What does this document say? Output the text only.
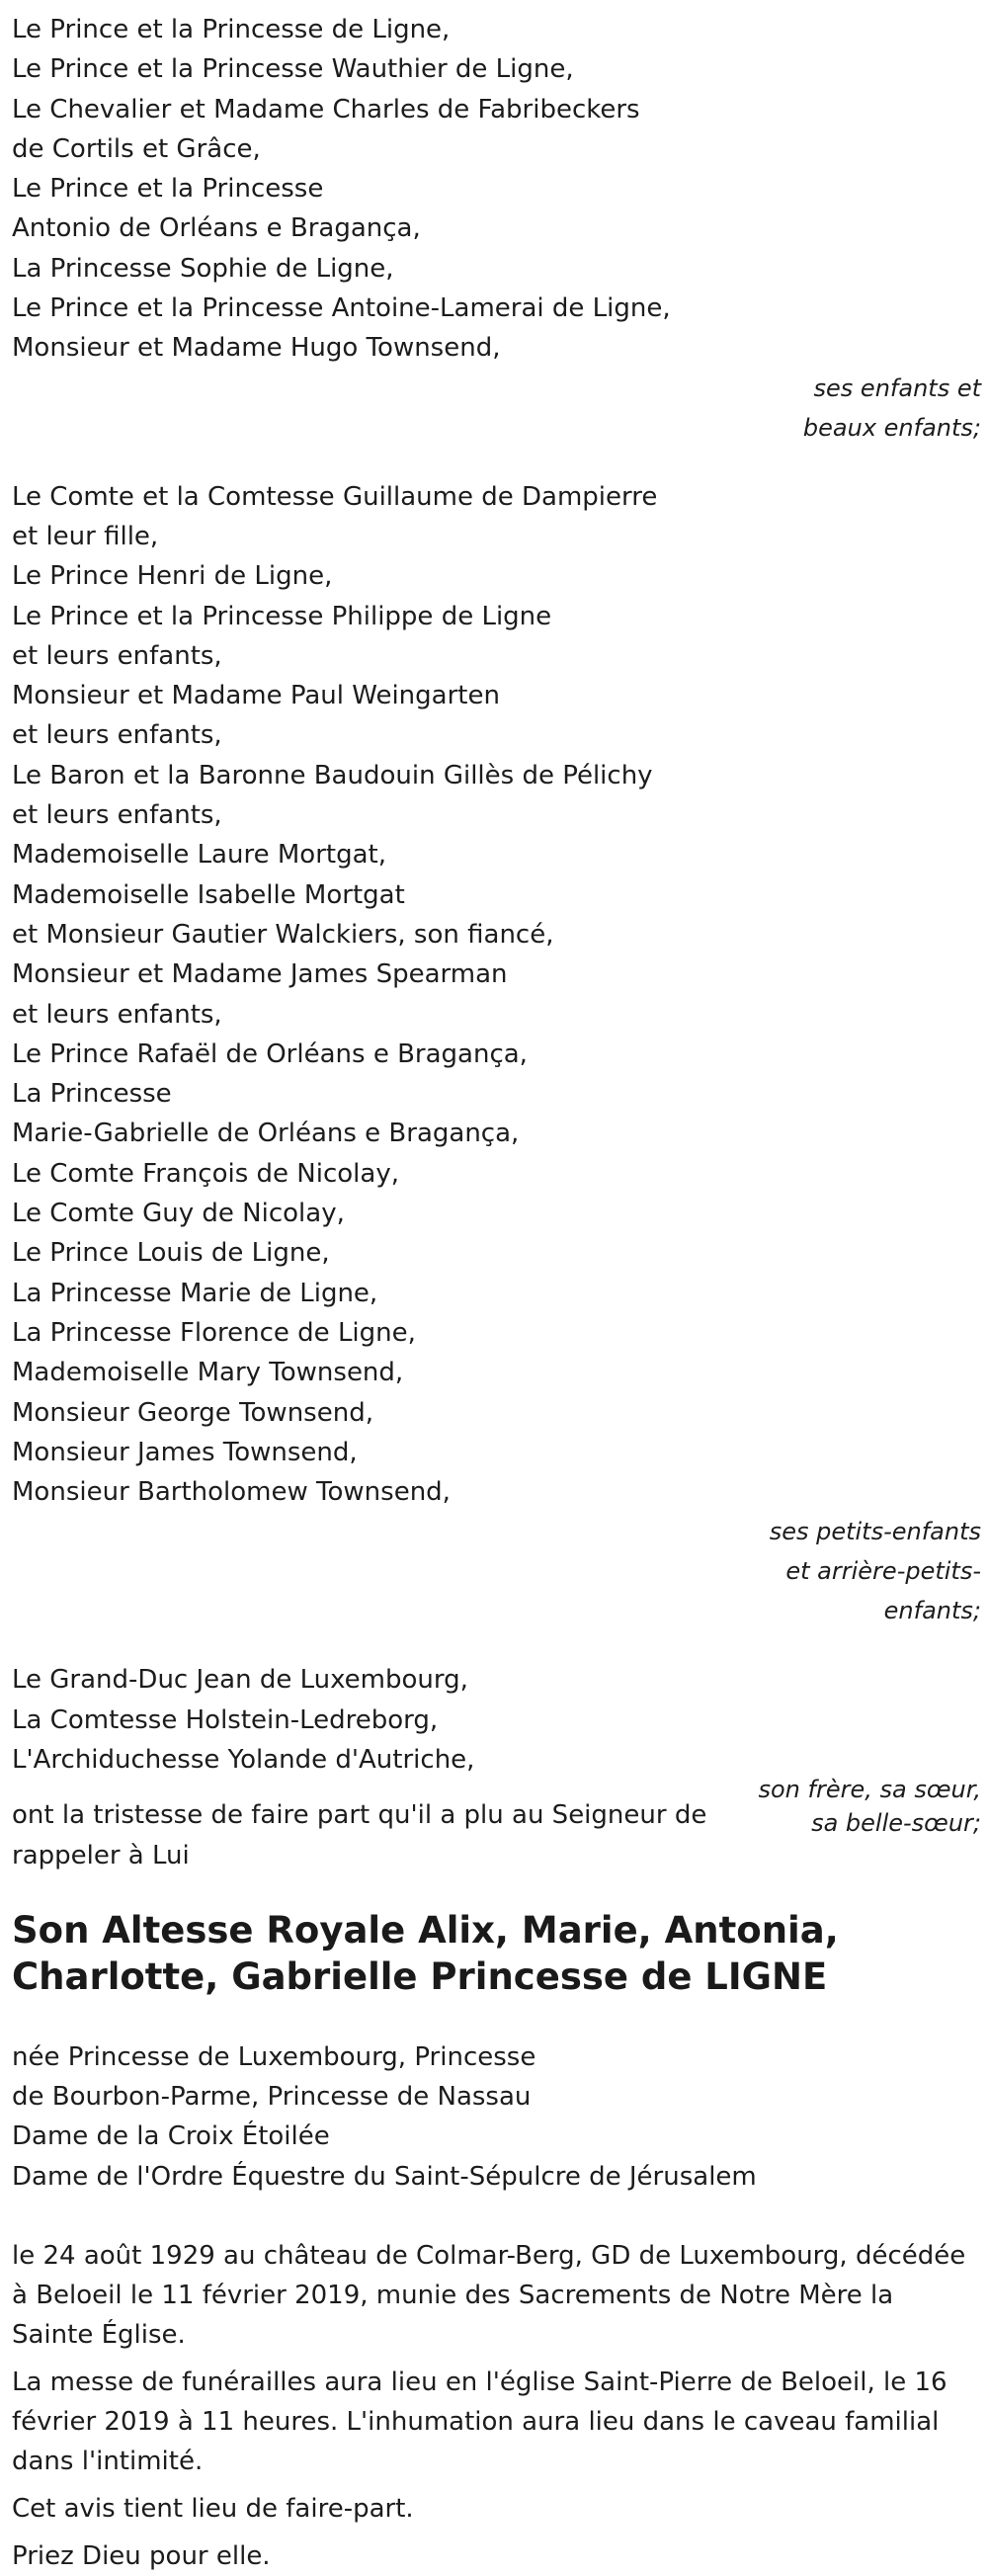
Le Prince et la Princesse de Ligne,
Le Prince et la Princesse Wauthier de Ligne,
Le Chevalier et Madame Charles de Fabribeckers
de Cortils et Grâce,
Le Prince et la Princesse
Antonio de Orléans e Bragança,
La Princesse Sophie de Ligne,
Le Prince et la Princesse Antoine-Lamerai de Ligne,
Monsieur et Madame Hugo Townsend,
ses enfants et
beaux enfants;
Le Comte et la Comtesse Guillaume de Dampierre
et leur fille,
Le Prince Henri de Ligne,
Le Prince et la Princesse Philippe de Ligne
et leurs enfants,
Monsieur et Madame Paul Weingarten
et leurs enfants,
Le Baron et la Baronne Baudouin Gillès de Pélichy
et leurs enfants,
Mademoiselle Laure Mortgat,
Mademoiselle Isabelle Mortgat
et Monsieur Gautier Walckiers, son fiancé,
Monsieur et Madame James Spearman
et leurs enfants,
Le Prince Rafaël de Orléans e Bragança,
La Princesse
Marie-Gabrielle de Orléans e Bragança,
Le Comte François de Nicolay,
Le Comte Guy de Nicolay,
Le Prince Louis de Ligne,
La Princesse Marie de Ligne,
La Princesse Florence de Ligne,
Mademoiselle Mary Townsend,
Monsieur George Townsend,
Monsieur James Townsend,
Monsieur Bartholomew Townsend,
ses petits-enfants
et arrière-petits-
enfants;
Le Grand-Duc Jean de Luxembourg,
La Comtesse Holstein-Ledreborg,
L'Archiduchesse Yolande d'Autriche,
son frère, sa sœur,
sa belle-sœur;
ont la tristesse de faire part qu'il a plu au Seigneur de
rappeler à Lui
Son Altesse Royale Alix, Marie, Antonia, Charlotte, Gabrielle Princesse de LIGNE
née Princesse de Luxembourg, Princesse
de Bourbon-Parme, Princesse de Nassau
Dame de la Croix Étoilée
Dame de l'Ordre Équestre du Saint-Sépulcre de Jérusalem
le 24 août 1929 au château de Colmar-Berg, GD de Luxembourg, décédée à Beloeil le 11 février 2019, munie des Sacrements de Notre Mère la Sainte Église.
La messe de funérailles aura lieu en l'église Saint-Pierre de Beloeil, le 16 février 2019 à 11 heures. L'inhumation aura lieu dans le caveau familial dans l'intimité.
Cet avis tient lieu de faire-part.
Priez Dieu pour elle.
